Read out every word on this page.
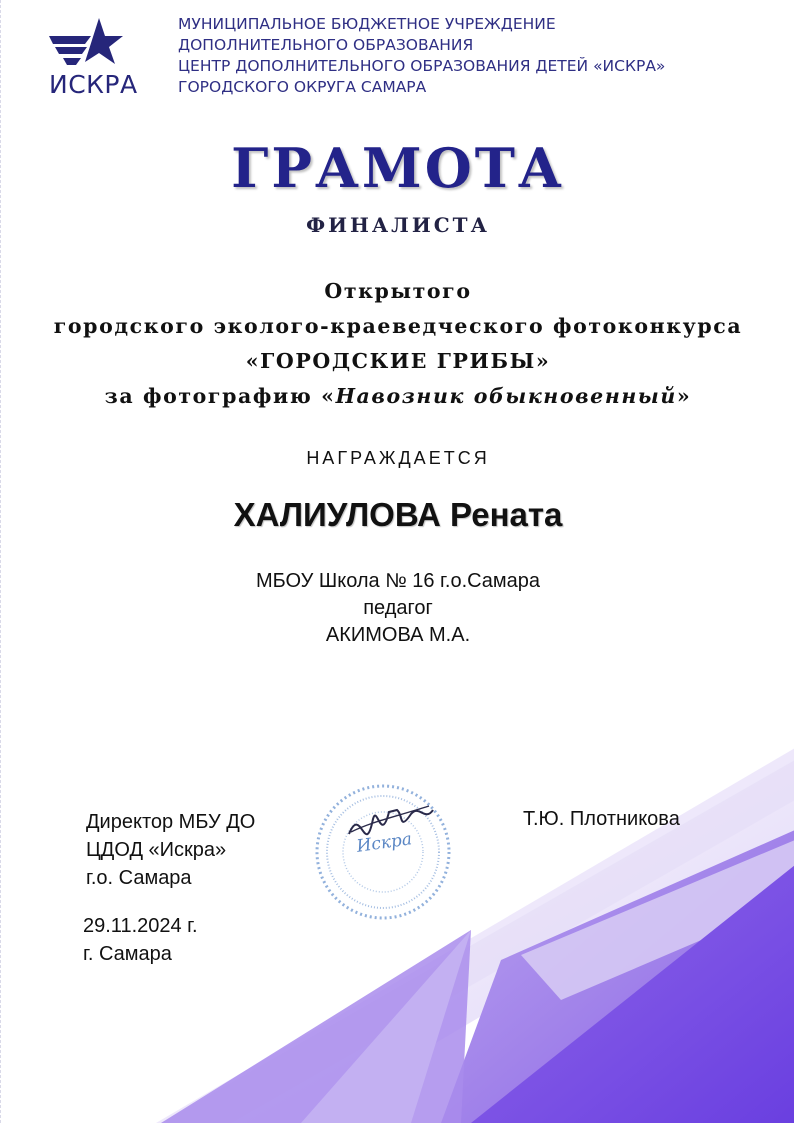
ИСКРА
МУНИЦИПАЛЬНОЕ БЮДЖЕТНОЕ УЧРЕЖДЕНИЕ
ДОПОЛНИТЕЛЬНОГО ОБРАЗОВАНИЯ
ЦЕНТР ДОПОЛНИТЕЛЬНОГО ОБРАЗОВАНИЯ ДЕТЕЙ «ИСКРА»
ГОРОДСКОГО ОКРУГА САМАРА
ГРАМОТА
ФИНАЛИСТА
Открытого
городского эколого-краеведческого фотоконкурса
«ГОРОДСКИЕ ГРИБЫ»
за фотографию «Навозник обыкновенный»
НАГРАЖДАЕТСЯ
ХАЛИУЛОВА Рената
МБОУ Школа № 16 г.о.Самара
педагог
АКИМОВА М.А.
Искра
Директор МБУ ДО
ЦДОД «Искра»
г.о. Самара
Т.Ю. Плотникова
29.11.2024 г.
г. Самара
